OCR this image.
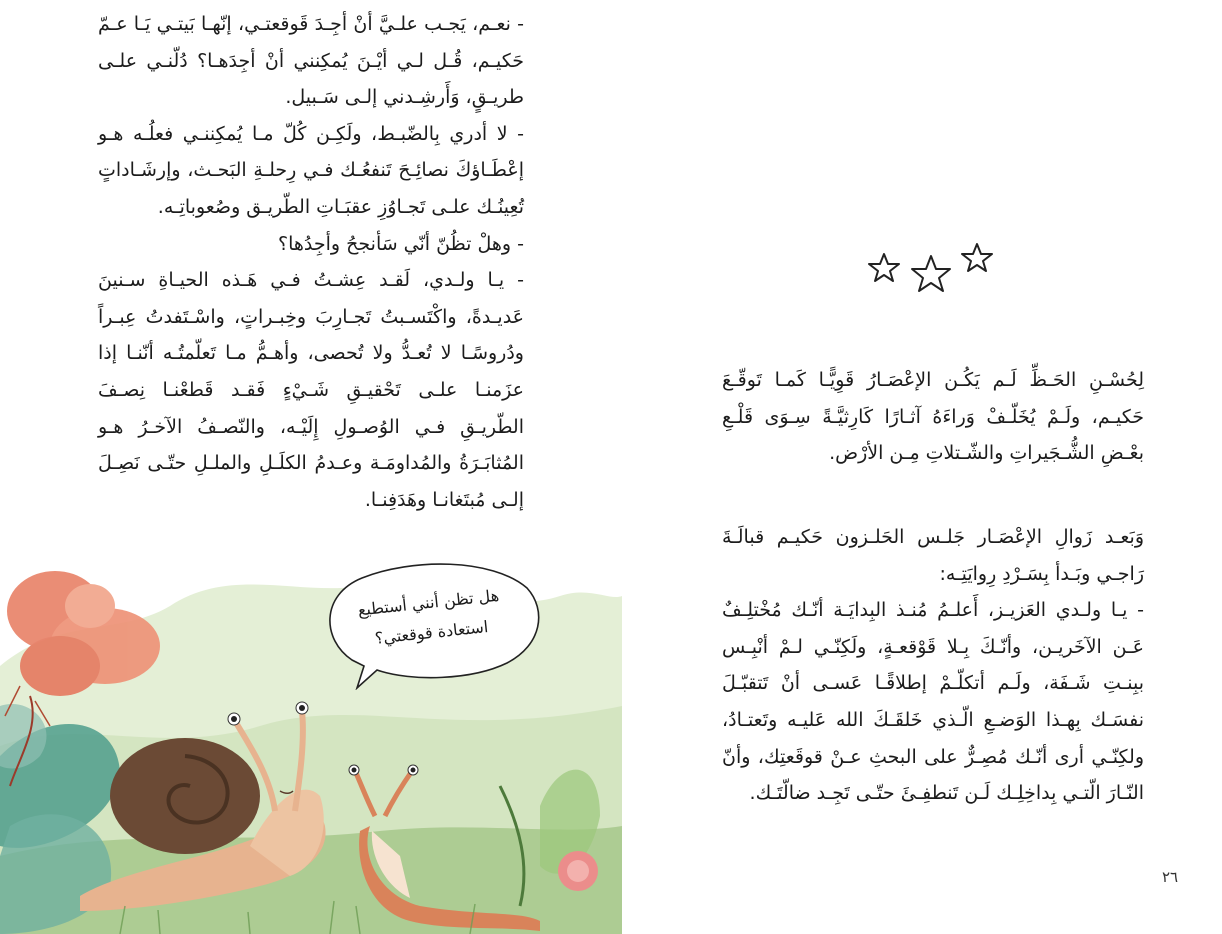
- نعـم، يَجـب علـيَّ أنْ أجِـدَ قَوقعتـي، إنّهـا بَيتـي يَـا عـمّ حَكيـم، قُـل لـي أيْـنَ يُمكِنني أنْ أجِدَهـا؟ دُلّنـي علـى طريـقٍ، وَأَرشِـدني إلـى سَـبيل.
- لا أدري بِالضّبـط، ولَكِـن كُلّ مـا يُمكِننـي فعلُـه هـو إعْطَـاؤكَ نصائِـحَ تَنفعُـك فـي رِحلـةِ البَحـث، وإرشَـاداتٍ تُعِينُـك علـى تَجـاوُزِ عقبَـاتِ الطّريـق وصُعوباتِـه.
- وهلْ تظُنّ أنّي سَأنجحُ وأجِدُها؟
- يـا ولـدي، لَقـد عِشـتُ فـي هَـذه الحيـاةِ سـنينَ عَديـدةً، واكْتَسـبتُ تَجـارِبَ وخِبـراتٍ، واسْـتَفدتُ عِبـراً ودُروسًـا لا تُعـدُّ ولا تُحصى، وأهـمُّ مـا تَعلّمتُـه أنّنـا إذا عزَمنـا علـى تَحْقيـقِ شَـيْءٍ فَقـد قَطعْنـا نِصـفَ الطّريـقِ فـي الوُصـولِ إِلَيْـه، والنّصـفُ الآخـرُ هـو المُثابَـرَةُ والمُداومَـة وعـدمُ الكلَـلِ والملـلِ حتّـى نَصِـلَ إلـى مُبتَغانـا وهَدَفِنـا.
هل تظن أنني أستطيع استعادة قوقعتي؟
لِحُسْـنِ الحَـظِّ لَـم يَكُـن الإعْصَـارُ قَوِيًّـا كَمـا تَوقّـعَ حَكيـم، ولَـمْ يُخَلّـفْ وَراءَهُ آثـارًا كَارِثيَّـةً سِـوَى قَلْـعِ بعْـضِ الشُّـجَيراتِ والشّـتلاتِ مِـن الأرْض.
وَبَعـد زَوالِ الإعْصَـار جَلـس الحَلـزون حَكيـم قبالَـةَ رَاجـي وبَـدأ بِسَـرْدِ رِوايَتِـه:
- يـا ولـدي العَزيـز، أَعلـمُ مُنـذ البِدايَـة أنّـك مُخْتلِـفٌ عَـن الآخَريـن، وأنّـكَ بِـلا قَوْقعـةٍ، ولَكِنّـي لـمْ أنْبِـس ببِنـتِ شَـفَة، ولَـم أتكلّـمْ إطلاقًـا عَسـى أنْ تَتقبّـلَ نفسَـك بِهـذا الوَضـعِ الّـذي خَلقَـكَ الله عَليـه وتَعتـادُ، ولكِنّـي أرى أنّـك مُصِـرٌّ على البحثِ عـنْ قوقَعتِك، وأنّ النّـارَ الّتـي بِداخِلِـك لَـن تَنطفِـئَ حتّـى تَجِـد ضالّتَـك.
٢٦
